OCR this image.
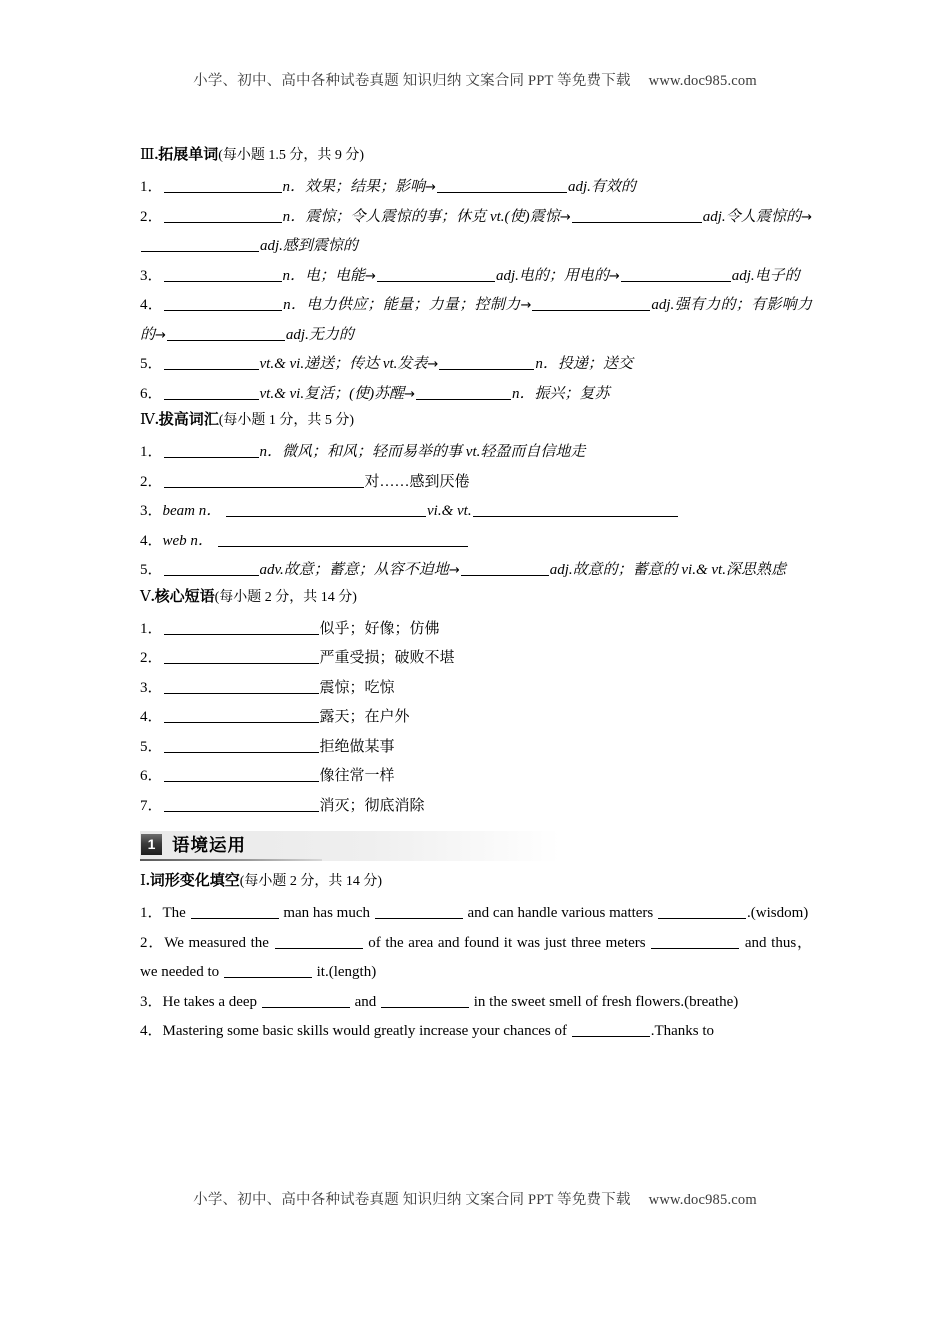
小学、初中、高中各种试卷真题 知识归纳 文案合同 PPT 等免费下载 www.doc985.com

Ⅲ.拓展单词(每小题 1.5 分，共 9 分)

1．	n．效果；结果；影响→	adj.有效的

2．	n．震惊；令人震惊的事；休克 vt.(使)震惊→	adj.令人震惊的→adj.感到震惊的

3．	n．电；电能→	adj.电的；用电的→	adj.电子的

4．	n．电力供应；能量；力量；控制力→	adj.强有力的；有影响力的→	adj.无力的

5．	vt.& vi.递送；传达 vt.发表→	n．投递；送交

6．	vt.& vi.复活；(使)苏醒→	n．振兴；复苏

Ⅳ.拔高词汇(每小题 1 分，共 5 分)

1．	n．微风；和风；轻而易举的事 vt.轻盈而自信地走

2．	对……感到厌倦

3．beam n．	vi.& vt.

4．web n．

5．	adv.故意；蓄意；从容不迫地→	adj.故意的；蓄意的 vi.& vt.深思熟虑

Ⅴ.核心短语(每小题 2 分，共 14 分)

1．	似乎；好像；仿佛

2．	严重受损；破败不堪

3．	震惊；吃惊

4．	露天；在户外

5．	拒绝做某事

6．	像往常一样

7．	消灭；彻底消除

1 语境运用

Ⅰ.词形变化填空(每小题 2 分，共 14 分)

1．The	man has much	and can handle various matters	.(wisdom)

2．We measured the	of the area and found it was just three meters	and thus，we needed to	it.(length)

3．He takes a deep	and	in the sweet smell of fresh flowers.(breathe)

4．Mastering some basic skills would greatly increase your chances of	.Thanks to

小学、初中、高中各种试卷真题 知识归纳 文案合同 PPT 等免费下载 www.doc985.com
